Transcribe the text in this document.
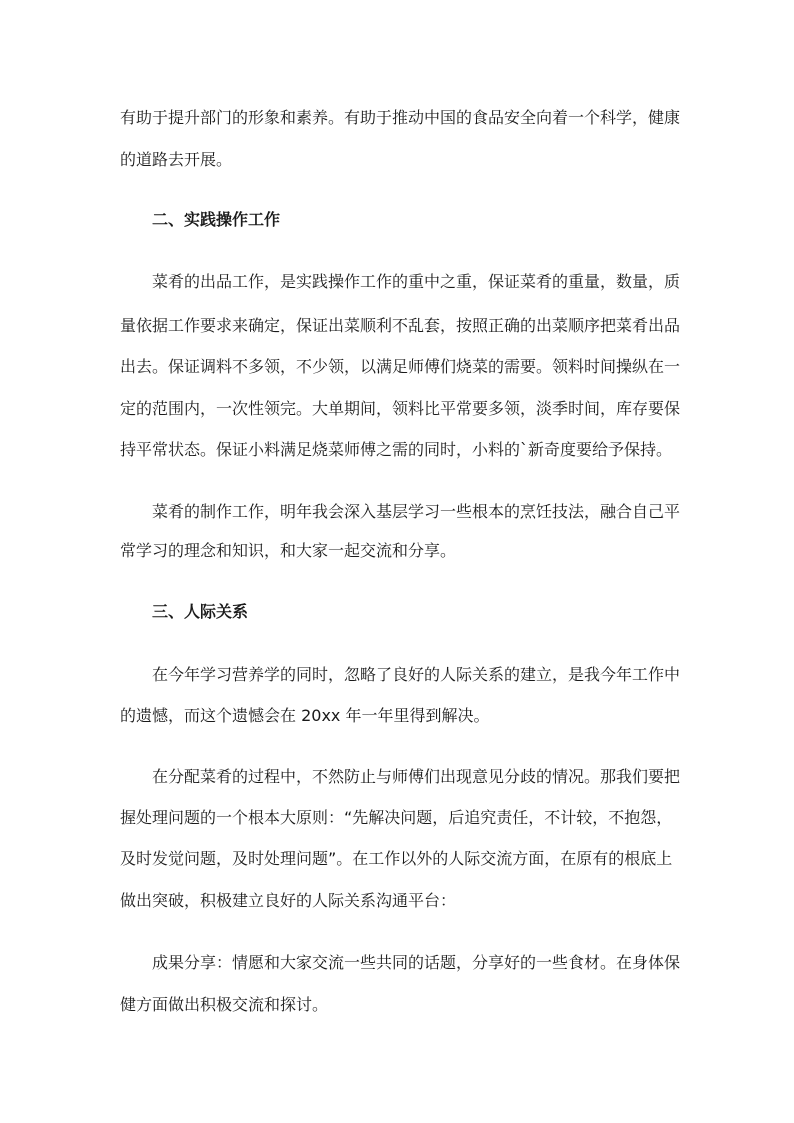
有助于提升部门的形象和素养。有助于推动中国的食品安全向着一个科学，健康
的道路去开展。
二、实践操作工作
菜肴的出品工作，是实践操作工作的重中之重，保证菜肴的重量，数量，质
量依据工作要求来确定，保证出菜顺利不乱套，按照正确的出菜顺序把菜肴出品
出去。保证调料不多领，不少领，以满足师傅们烧菜的需要。领料时间操纵在一
定的范围内，一次性领完。大单期间，领料比平常要多领，淡季时间，库存要保
持平常状态。保证小料满足烧菜师傅之需的同时，小料的`新奇度要给予保持。
菜肴的制作工作，明年我会深入基层学习一些根本的烹饪技法，融合自己平
常学习的理念和知识，和大家一起交流和分享。
三、人际关系
在今年学习营养学的同时，忽略了良好的人际关系的建立，是我今年工作中
的遗憾，而这个遗憾会在 20xx 年一年里得到解决。
在分配菜肴的过程中，不然防止与师傅们出现意见分歧的情况。那我们要把
握处理问题的一个根本大原则：“先解决问题，后追究责任，不计较，不抱怨，
及时发觉问题，及时处理问题”。在工作以外的人际交流方面，在原有的根底上
做出突破，积极建立良好的人际关系沟通平台：
成果分享：情愿和大家交流一些共同的话题，分享好的一些食材。在身体保
健方面做出积极交流和探讨。
